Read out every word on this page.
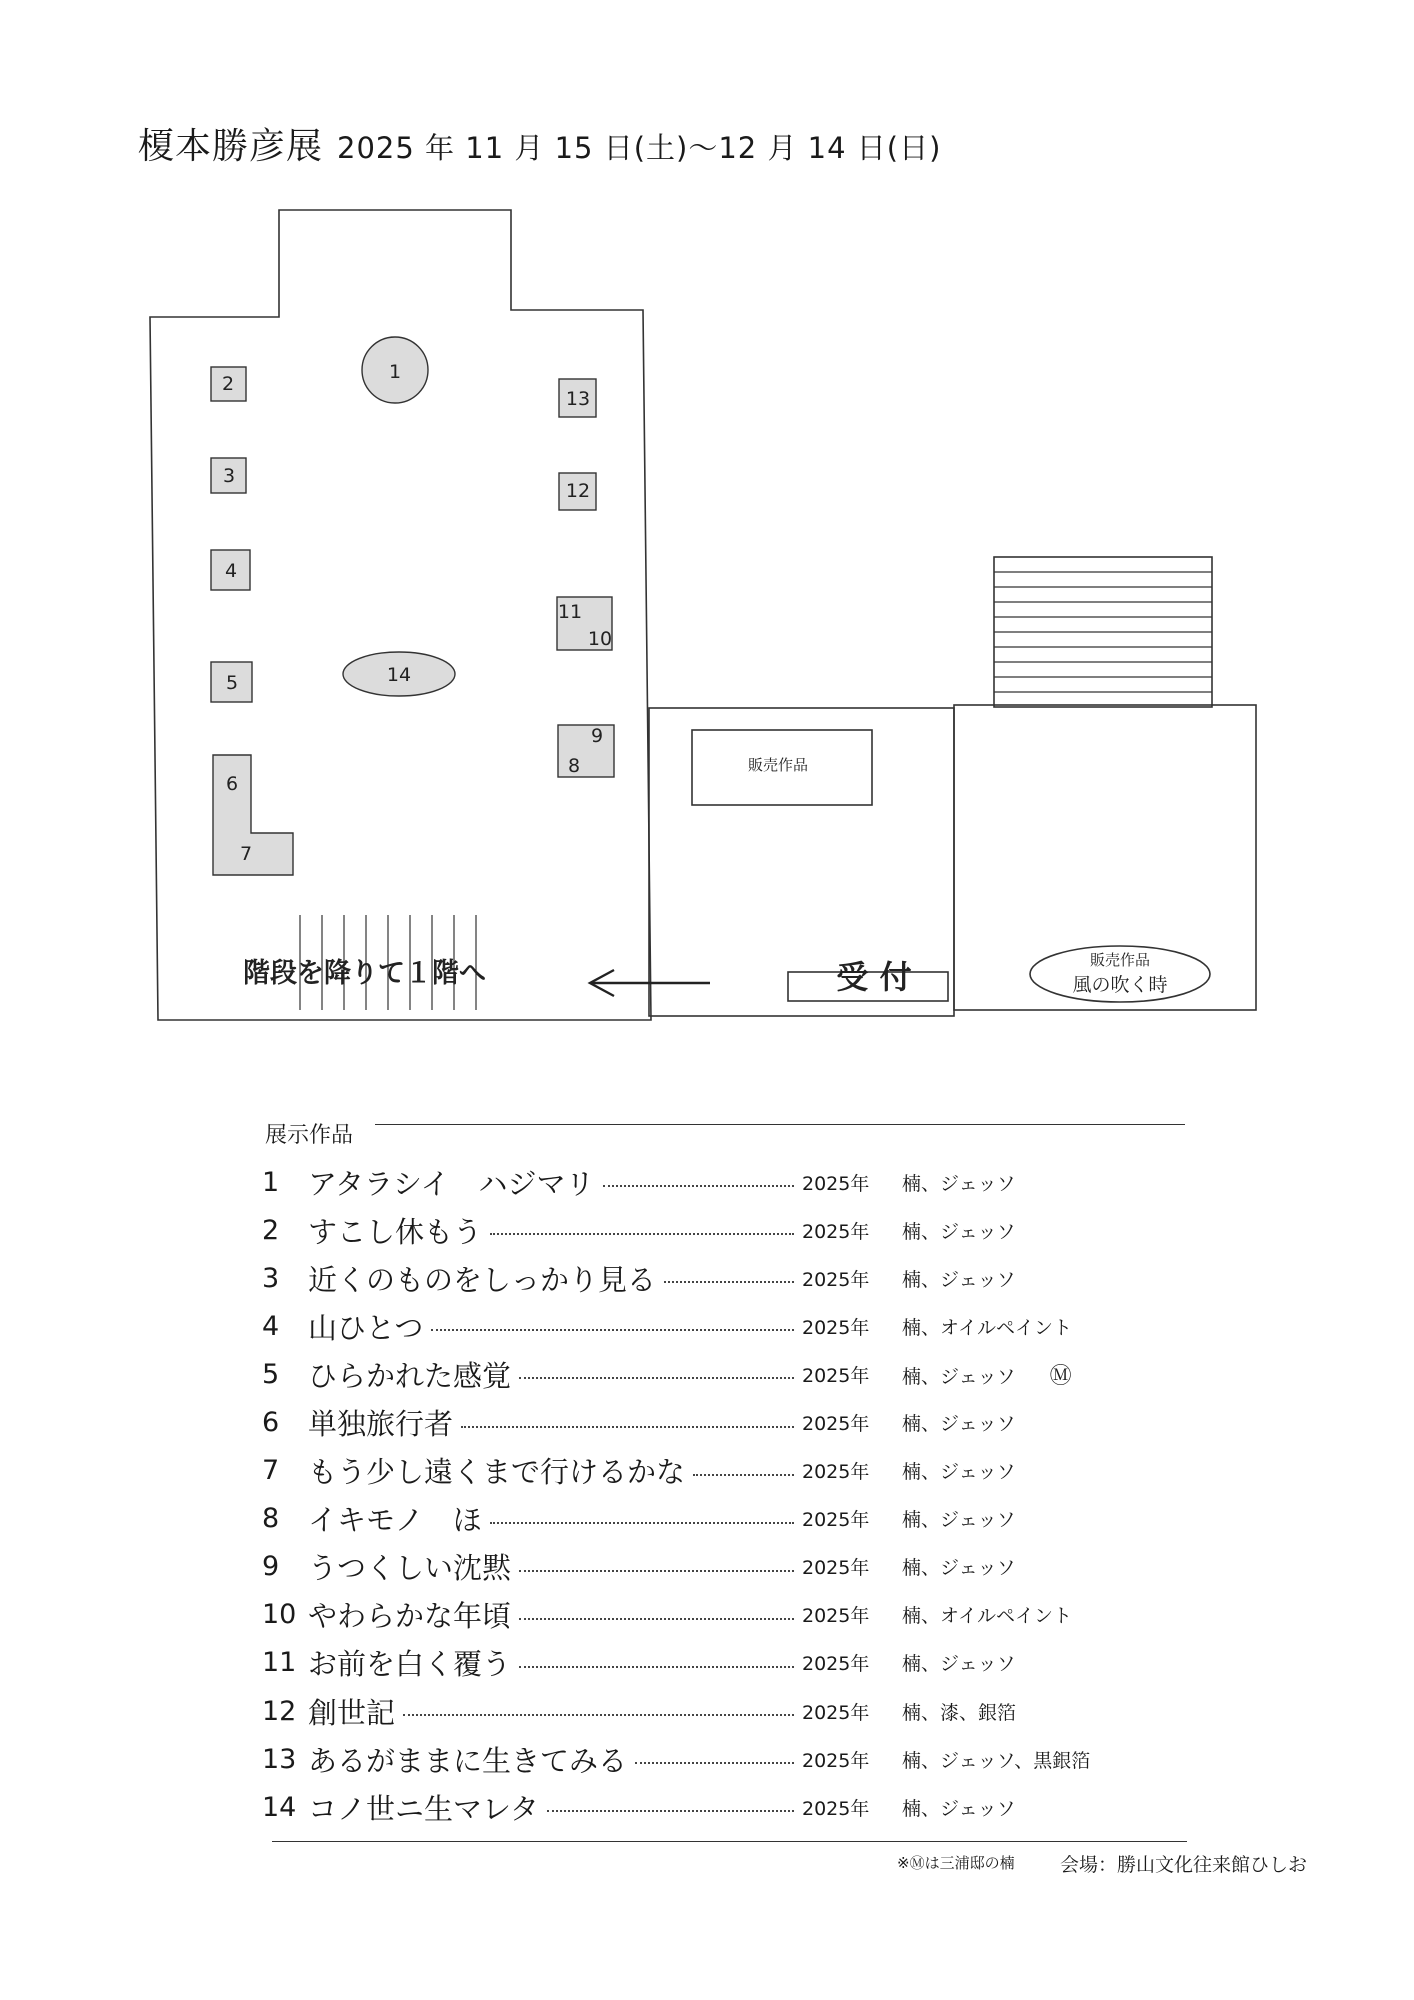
榎本勝彦展 2025 年 11 月 15 日(土)〜12 月 14 日(日)
1
2
3
4
5
6
7
8
9
10
11
12
13
14
販売作品
販売作品
風の吹く時
階段を降りて１階へ	受 付
展示作品
1 アタラシイ　ハジマリ	2025年	楠、ジェッソ
2 すこし休もう	2025年	楠、ジェッソ
3 近くのものをしっかり見る	2025年	楠、ジェッソ
4 山ひとつ	2025年	楠、オイルペイント
5 ひらかれた感覚	2025年	楠、ジェッソ Ⓜ
6 単独旅行者	2025年	楠、ジェッソ
7 もう少し遠くまで行けるかな	2025年	楠、ジェッソ
8 イキモノ　ほ	2025年	楠、ジェッソ
9 うつくしい沈黙	2025年	楠、ジェッソ
10 やわらかな年頃	2025年	楠、オイルペイント
11 お前を白く覆う	2025年	楠、ジェッソ
12 創世記	2025年	楠、漆、銀箔
13 あるがままに生きてみる	2025年	楠、ジェッソ、黒銀箔
14 コノ世ニ生マレタ	2025年	楠、ジェッソ
※Ⓜは三浦邸の楠 会場：勝山文化往来館ひしお
